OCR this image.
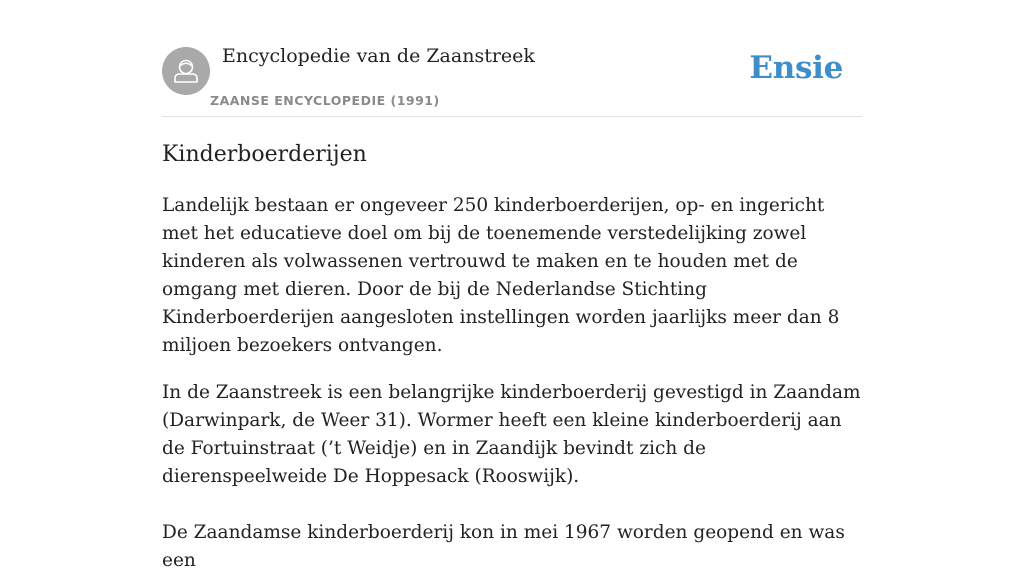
Encyclopedie van de Zaanstreek
ZAANSE ENCYCLOPEDIE (1991)
Ensie
Kinderboerderijen

Landelijk bestaan er ongeveer 250 kinderboerderijen, op- en ingericht met het educatieve doel om bij de toenemende verstedelijking zowel kinderen als volwassenen vertrouwd te maken en te houden met de omgang met dieren. Door de bij de Nederlandse Stichting Kinderboerderijen aangesloten instellingen worden jaarlijks meer dan 8 miljoen bezoekers ontvangen.

In de Zaanstreek is een belangrijke kinderboerderij gevestigd in Zaandam (Darwinpark, de Weer 31). Wormer heeft een kleine kinderboerderij aan de Fortuinstraat (’t Weidje) en in Zaandijk bevindt zich de dierenspeelweide De Hoppesack (Rooswijk).

De Zaandamse kinderboerderij kon in mei 1967 worden geopend en was een
